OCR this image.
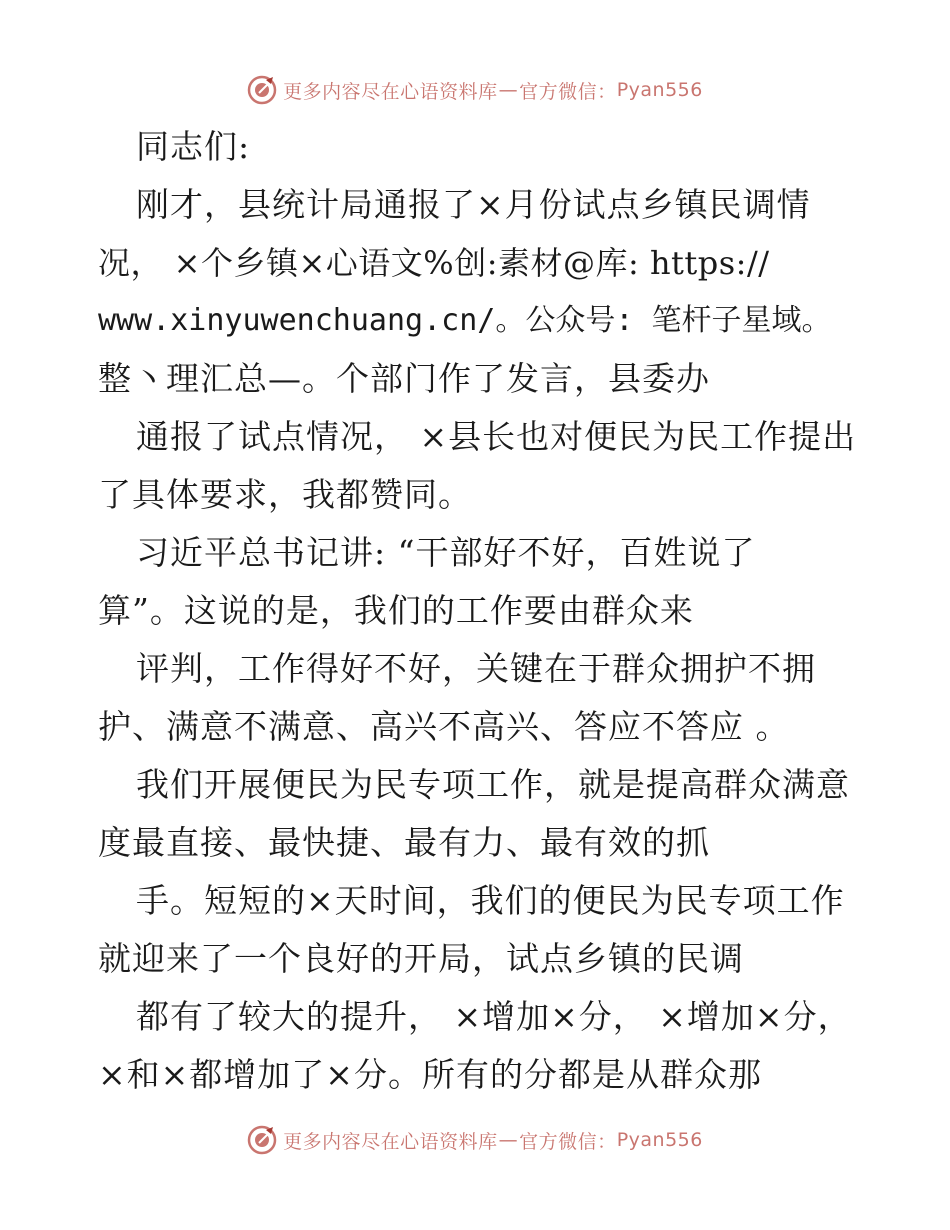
更多内容尽在心语资料库 — 官方微信： Pyan556
同志们:
刚才，县统计局通报了×月份试点乡镇民调情
况， ×个乡镇×心语文%创:素材@库: https://
www.xinyuwenchuang.cn/。公众号: 笔杆子星域。
整丶理汇总—。个部门作了发言，县委办
通报了试点情况， ×县长也对便民为民工作提出
了具体要求，我都赞同。
习近平总书记讲: “干部好不好，百姓说了
算”。这说的是，我们的工作要由群众来
评判，工作得好不好，关键在于群众拥护不拥
护、满意不满意、高兴不高兴、答应不答应 。
我们开展便民为民专项工作，就是提高群众满意
度最直接、最快捷、最有力、最有效的抓
手。短短的×天时间，我们的便民为民专项工作
就迎来了一个良好的开局，试点乡镇的民调
都有了较大的提升， ×增加×分， ×增加×分，
×和×都增加了×分。所有的分都是从群众那
更多内容尽在心语资料库 — 官方微信： Pyan556
